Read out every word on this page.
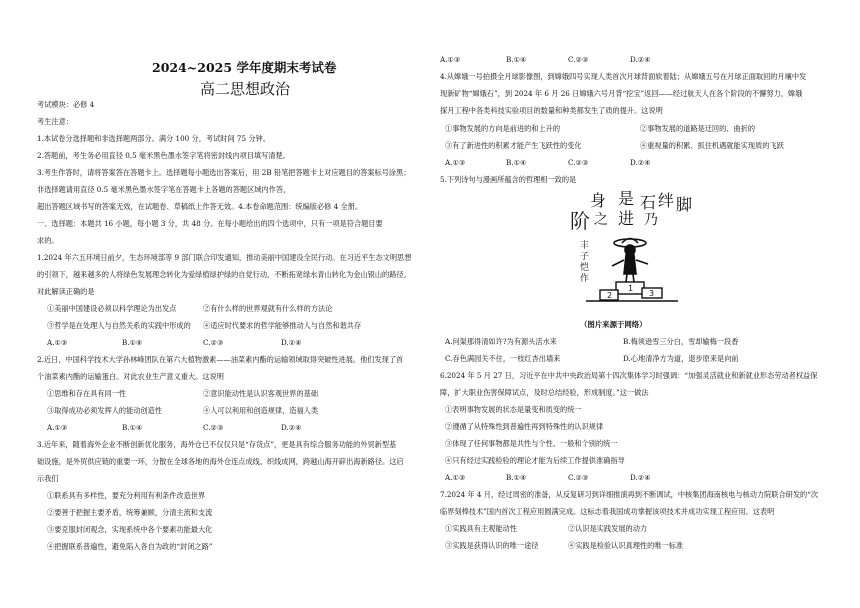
2024~2025 学年度期末考试卷
高二思想政治
考试模块：必修 4
考生注意：
1.本试卷分选择题和非选择题两部分。满分 100 分，考试时间 75 分钟。
2.答题前，考生务必用直径 0.5 毫米黑色墨水签字笔将密封线内项目填写清楚。
3.考生作答时，请将答案答在答题卡上。选择题每小题选出答案后，用 2B 铅笔把答题卡上对应题目的答案标号涂黑；
非选择题请用直径 0.5 毫米黑色墨水签字笔在答题卡上各题的答题区域内作答，
超出答题区域书写的答案无效，在试题卷、草稿纸上作答无效。4.本卷命题范围：统编版必修 4 全册。
一、选择题：本题共 16 小题，每小题 3 分，共 48 分。在每小题给出的四个选项中，只有一项是符合题目要
求的。
1.2024 年六五环境日前夕，生态环境部等 9 部门联合印发通知，推动美丽中国建设全民行动。在习近平生态文明思想
的引领下，越来越多的人将绿色发展理念转化为爱绿植绿护绿的自觉行动，不断拓宽绿水青山转化为金山银山的路径。
对此解读正确的是
①美丽中国建设必须以科学理论为出发点	②有什么样的世界观就有什么样的方法论
③哲学是在处理人与自然关系的实践中形成的 ④适应时代要求的哲学能够推动人与自然和谐共存
A.①③	B.①④	C.②③	D.②④
2.近日，中国科学技术大学孙林峰团队在第六大植物激素——油菜素内酯的运输领域取得突破性进展。他们发现了首
个油菜素内酯的运输蛋白。对此农业生产意义重大。这说明
①思维和存在具有同一性	②意识能动性是认识客观世界的基础
③取得成功必须发挥人的能动创造性	④人可以利用和创造规律，造福人类
A.①③	B.①④	C.②③	D.②④
3.近年来，随着海外企业不断创新优化服务，海外仓已不仅仅只是“存货点”，更是具有综合服务功能的外贸新型基
础设施，是外贸供应链的重要一环，分散在全球各地的海外仓连点成线、织线成网，跨越山海开辟出海新路径。这启
示我们
①联系具有多样性，要充分利用有利条件改造世界
②要善于把握主要矛盾，统筹兼顾，分清主流和支流
③要克服封闭观念，实现系统中各个要素功能最大化
④把握联系普遍性，避免陷入各自为政的“封闭之路”
A.①③	B.①④	C.②③	D.②④
4.从嫦娥一号拍摄全月球影像图，到嫦娥四号实现人类首次月球背面软着陆；从嫦娥五号在月球正面取回的月壤中发
现新矿物“嫦娥石”，到 2024 年 6 月 26 日嫦娥六号月背“挖宝”返回——经过航天人在各个阶段的不懈努力，嫦娥
探月工程中各类科技实验项目的数量和种类都发生了质的提升。这说明
①事物发展的方向是前进的和上升的	②事物发展的道路是迂回的、曲折的
③有了新进性的积累才能产生飞跃性的变化	④重视量的积累、抓住机遇就能实现质的飞跃
A.①③	B.①④	C.②③	D.②④
5.下列诗句与漫画所蕴含的哲理相一致的是
脚
绊
石
是
进 乃
身
之
阶
丰
子
恺
作
2
1
3
（图片来源于网络）
A.问渠那得清如许?为有源头活水来	B.梅须逊雪三分白，雪却输梅一段香
C.吞色满园关不住，一枝红杏出墙来	D.心地清净方为道，退步原来是向前
6.2024 年 5 月 27 日，习近平在中共中央政治局第十四次集体学习时强调：“加强灵活就业和新就业形态劳动者权益保
障，扩大职业伤害保障试点，及时总结经验，形成制度。”这一做法
①表明事物发展的状态是量变和质变的统一
②遵循了从特殊性到普遍性再到特殊性的认识规律
③体现了任何事物都是共性与个性、一般和个别的统一
④只有经过实践检验的理论才能为后续工作提供准确指导
A.①③	B.①④	C.②③	D.②④
7.2024 年 4 月，经过周密的准备，从反复研习到详细推演再到不断调试，中核集团海南核电与核动力院联合研发的“次
临界刻棒技术”国内首次工程应用圆满完成。这标志着我国成功掌握该项技术并成功实现工程应用。这表明
①实践具有主观能动性	②认识是实践发展的动力
③实践是获得认识的唯一途径	④实践是检验认识真理性的唯一标准
